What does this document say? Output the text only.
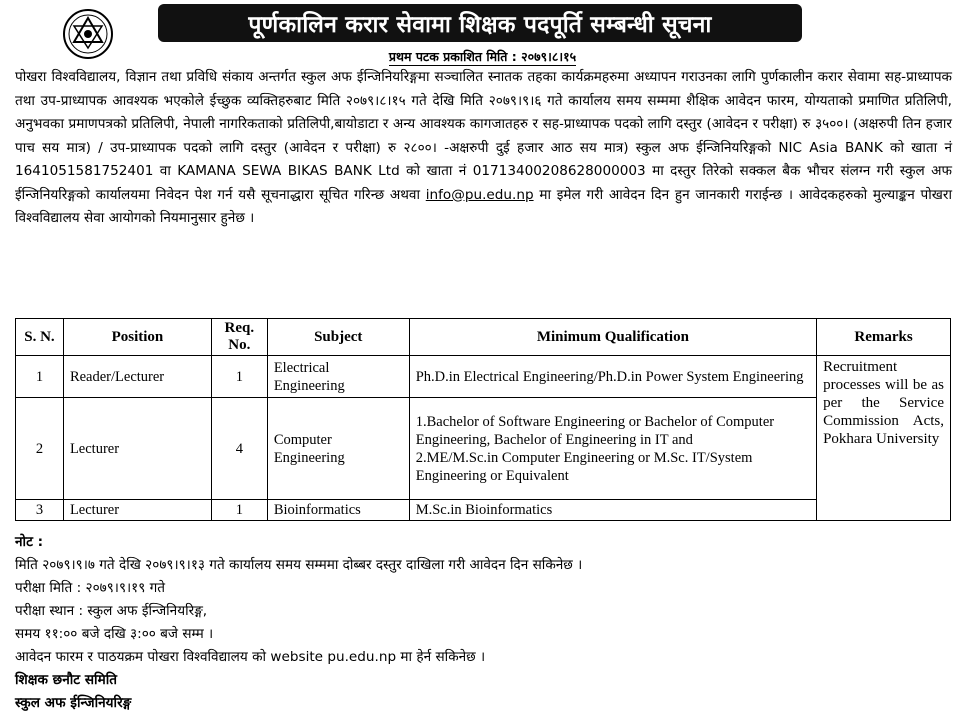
पूर्णकालिन करार सेवामा शिक्षक पदपूर्ति सम्बन्धी सूचना
प्रथम पटक प्रकाशित मिति : २०७९।८।१५
पोखरा विश्वविद्यालय, विज्ञान तथा प्रविधि संकाय अन्तर्गत स्कुल अफ ईन्जिनियरिङ्गमा सञ्चालित स्नातक तहका कार्यक्रमहरुमा अध्यापन गराउनका लागि पुर्णकालीन करार सेवामा सह-प्राध्यापक तथा उप-प्राध्यापक आवश्यक भएकोले ईच्छुक व्यक्तिहरुबाट मिति २०७९।८।१५ गते देखि मिति २०७९।९।६ गते कार्यालय समय सम्ममा शैक्षिक आवेदन फारम, योग्यताको प्रमाणित प्रतिलिपी, अनुभवका प्रमाणपत्रको प्रतिलिपी, नेपाली नागरिकताको प्रतिलिपी,बायोडाटा र अन्य आवश्यक कागजातहरु र सह-प्राध्यापक पदको लागि दस्तुर (आवेदन र परीक्षा) रु ३५००। (अक्षरुपी तिन हजार पाच सय मात्र) / उप-प्राध्यापक पदको लागि दस्तुर (आवेदन र परीक्षा) रु २८००। -अक्षरुपी दुई हजार आठ सय मात्र) स्कुल अफ ईन्जिनियरिङ्गको NIC Asia BANK को खाता नं 1641051581752401 वा KAMANA SEWA BIKAS BANK Ltd को खाता नं 01713400208628000003 मा दस्तुर तिरेको सक्कल बैक भौचर संलग्न गरी स्कुल अफ ईन्जिनियरिङ्गको कार्यालयमा निवेदन पेश गर्न यसै सूचनाद्धारा सूचित गरिन्छ अथवा info@pu.edu.np मा इमेल गरी आवेदन दिन हुन जानकारी गराईन्छ । आवेदकहरुको मुल्याङ्कन पोखरा विश्वविद्यालय सेवा आयोगको नियमानुसार हुनेछ ।
S. N.	Position	Req. No.	Subject	Minimum Qualification	Remarks
1	Reader/Lecturer	1	Electrical Engineering	Ph.D.in Electrical Engineering/Ph.D.in Power System Engineering	Recruitment processes will be as per the Service Commission Acts, Pokhara University
2	Lecturer	4	Computer Engineering	1.Bachelor of Software Engineering or Bachelor of Computer Engineering, Bachelor of Engineering in IT and
2.ME/M.Sc.in Computer Engineering or M.Sc. IT/System Engineering or Equivalent	

3	Lecturer	1	Bioinformatics	M.Sc.in Bioinformatics	
नोट :
मिति २०७९।९।७ गते देखि २०७९।९।१३ गते कार्यालय समय सम्ममा दोब्बर दस्तुर दाखिला गरी आवेदन दिन सकिनेछ ।
परीक्षा मिति : २०७९।९।१९ गते
परीक्षा स्थान : स्कुल अफ ईन्जिनियरिङ्ग,
समय ११:०० बजे दखि ३:०० बजे सम्म ।
आवेदन फारम र पाठयक्रम पोखरा विश्वविद्यालय को website pu.edu.np मा हेर्न सकिनेछ ।
शिक्षक छनौट समिति
स्कुल अफ ईन्जिनियरिङ्ग
